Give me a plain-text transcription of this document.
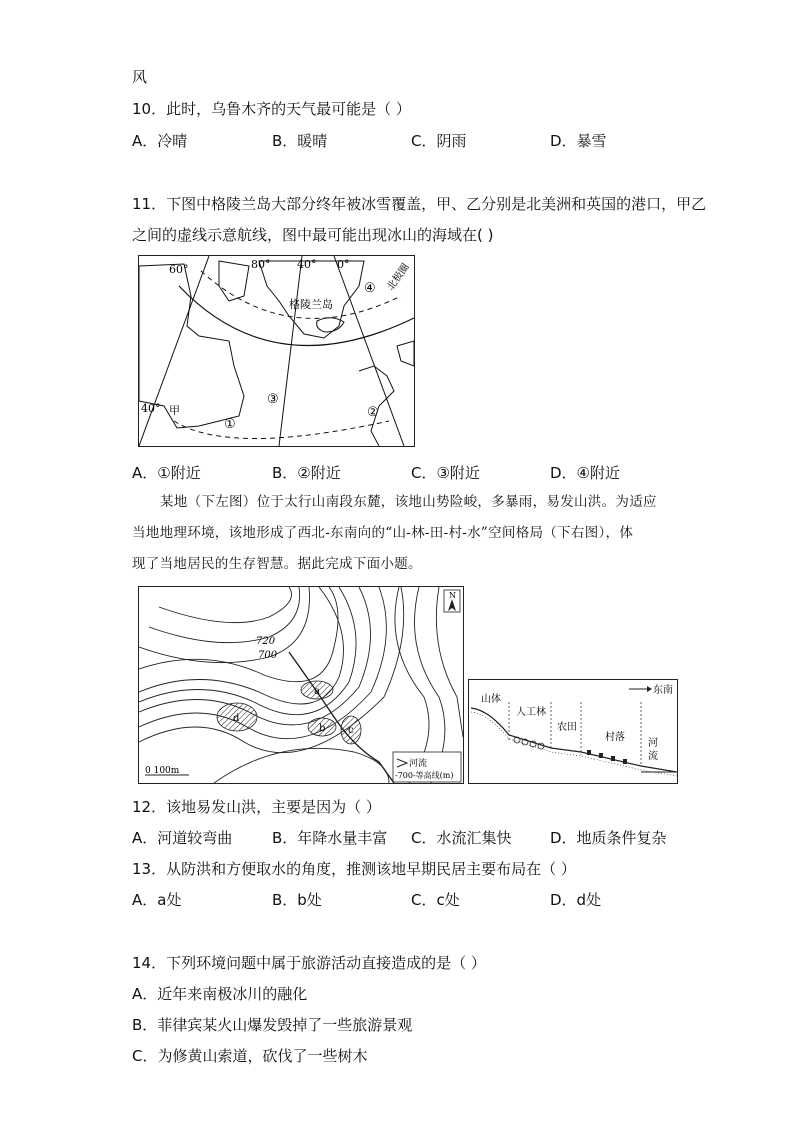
风
10．此时，乌鲁木齐的天气最可能是（ ）
A．冷晴	B．暖晴	C．阴雨	D．暴雪
11．下图中格陵兰岛大部分终年被冰雪覆盖，甲、乙分别是北美洲和英国的港口，甲乙
之间的虚线示意航线，图中最可能出现冰山的海域在( )
60°	80° 40° 0°
40°
格陵兰岛
北极圈
甲
①
②
③
④
A．①附近	B．②附近	C．③附近	D．④附近
某地（下左图）位于太行山南段东麓，该地山势险峻，多暴雨，易发山洪。为适应
当地地理环境，该地形成了西北-东南向的“山-林-田-村-水”空间格局（下右图），体
现了当地居民的生存智慧。据此完成下面小题。
a
b c
d
720
700
N
0 100m
河流
-700-等高线(m)
东南
山体
人工林
农田
村落
河
流
12．该地易发山洪，主要是因为（ ）
A．河道较弯曲	B．年降水量丰富 C．水流汇集快	D．地质条件复杂
13．从防洪和方便取水的角度，推测该地早期民居主要布局在（ ）
A．a处	B．b处	C．c处	D．d处
14．下列环境问题中属于旅游活动直接造成的是（ ）
A．近年来南极冰川的融化
B．菲律宾某火山爆发毁掉了一些旅游景观
C．为修黄山索道，砍伐了一些树木
